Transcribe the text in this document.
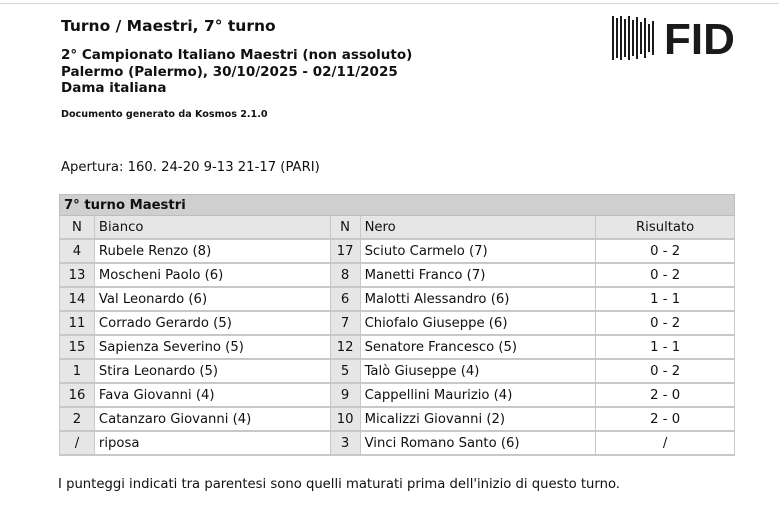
Turno / Maestri, 7° turno
2° Campionato Italiano Maestri (non assoluto)
Palermo (Palermo), 30/10/2025 - 02/11/2025
Dama italiana
Documento generato da Kosmos 2.1.0
FID
Apertura: 160. 24-20 9-13 21-17 (PARI)
7° turno Maestri				
N	Bianco	N	Nero	Risultato
4	Rubele Renzo (8)	17	Sciuto Carmelo (7)	0 - 2
13	Moscheni Paolo (6)	8	Manetti Franco (7)	0 - 2
14	Val Leonardo (6)	6	Malotti Alessandro (6)	1 - 1
11	Corrado Gerardo (5)	7	Chiofalo Giuseppe (6)	0 - 2
15	Sapienza Severino (5)	12	Senatore Francesco (5)	1 - 1
1	Stira Leonardo (5)	5	Talò Giuseppe (4)	0 - 2
16	Fava Giovanni (4)	9	Cappellini Maurizio (4)	2 - 0
2	Catanzaro Giovanni (4)	10	Micalizzi Giovanni (2)	2 - 0
/	riposa	3	Vinci Romano Santo (6)	/
I punteggi indicati tra parentesi sono quelli maturati prima dell'inizio di questo turno.
